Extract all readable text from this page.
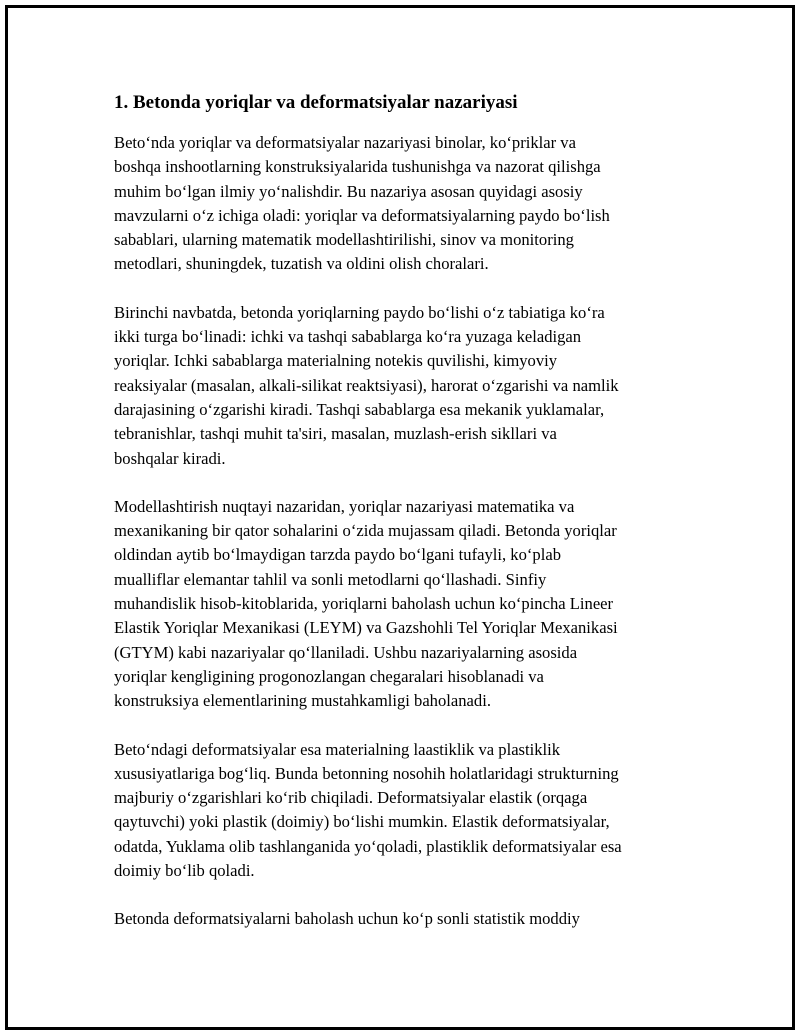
1. Betonda yoriqlar va deformatsiyalar nazariyasi
Beto‘nda yoriqlar va deformatsiyalar nazariyasi binolar, ko‘priklar va
boshqa inshootlarning konstruksiyalarida tushunishga va nazorat qilishga
muhim bo‘lgan ilmiy yo‘nalishdir. Bu nazariya asosan quyidagi asosiy
mavzularni o‘z ichiga oladi: yoriqlar va deformatsiyalarning paydo bo‘lish
sabablari, ularning matematik modellashtirilishi, sinov va monitoring
metodlari, shuningdek, tuzatish va oldini olish choralari.
Birinchi navbatda, betonda yoriqlarning paydo bo‘lishi o‘z tabiatiga ko‘ra
ikki turga bo‘linadi: ichki va tashqi sabablarga ko‘ra yuzaga keladigan
yoriqlar. Ichki sabablarga materialning notekis quvilishi, kimyoviy
reaksiyalar (masalan, alkali-silikat reaktsiyasi), harorat o‘zgarishi va namlik
darajasining o‘zgarishi kiradi. Tashqi sabablarga esa mekanik yuklamalar,
tebranishlar, tashqi muhit ta'siri, masalan, muzlash-erish sikllari va
boshqalar kiradi.
Modellashtirish nuqtayi nazaridan, yoriqlar nazariyasi matematika va
mexanikaning bir qator sohalarini o‘zida mujassam qiladi. Betonda yoriqlar
oldindan aytib bo‘lmaydigan tarzda paydo bo‘lgani tufayli, ko‘plab
mualliflar elemantar tahlil va sonli metodlarni qo‘llashadi. Sinfiy
muhandislik hisob-kitoblarida, yoriqlarni baholash uchun ko‘pincha Lineer
Elastik Yoriqlar Mexanikasi (LEYM) va Gazshohli Tel Yoriqlar Mexanikasi
(GTYM) kabi nazariyalar qo‘llaniladi. Ushbu nazariyalarning asosida
yoriqlar kengligining progonozlangan chegaralari hisoblanadi va
konstruksiya elementlarining mustahkamligi baholanadi.
Beto‘ndagi deformatsiyalar esa materialning laastiklik va plastiklik
xususiyatlariga bog‘liq. Bunda betonning nosohih holatlaridagi strukturning
majburiy o‘zgarishlari ko‘rib chiqiladi. Deformatsiyalar elastik (orqaga
qaytuvchi) yoki plastik (doimiy) bo‘lishi mumkin. Elastik deformatsiyalar,
odatda, Yuklama olib tashlanganida yo‘qoladi, plastiklik deformatsiyalar esa
doimiy bo‘lib qoladi.
Betonda deformatsiyalarni baholash uchun ko‘p sonli statistik moddiy
